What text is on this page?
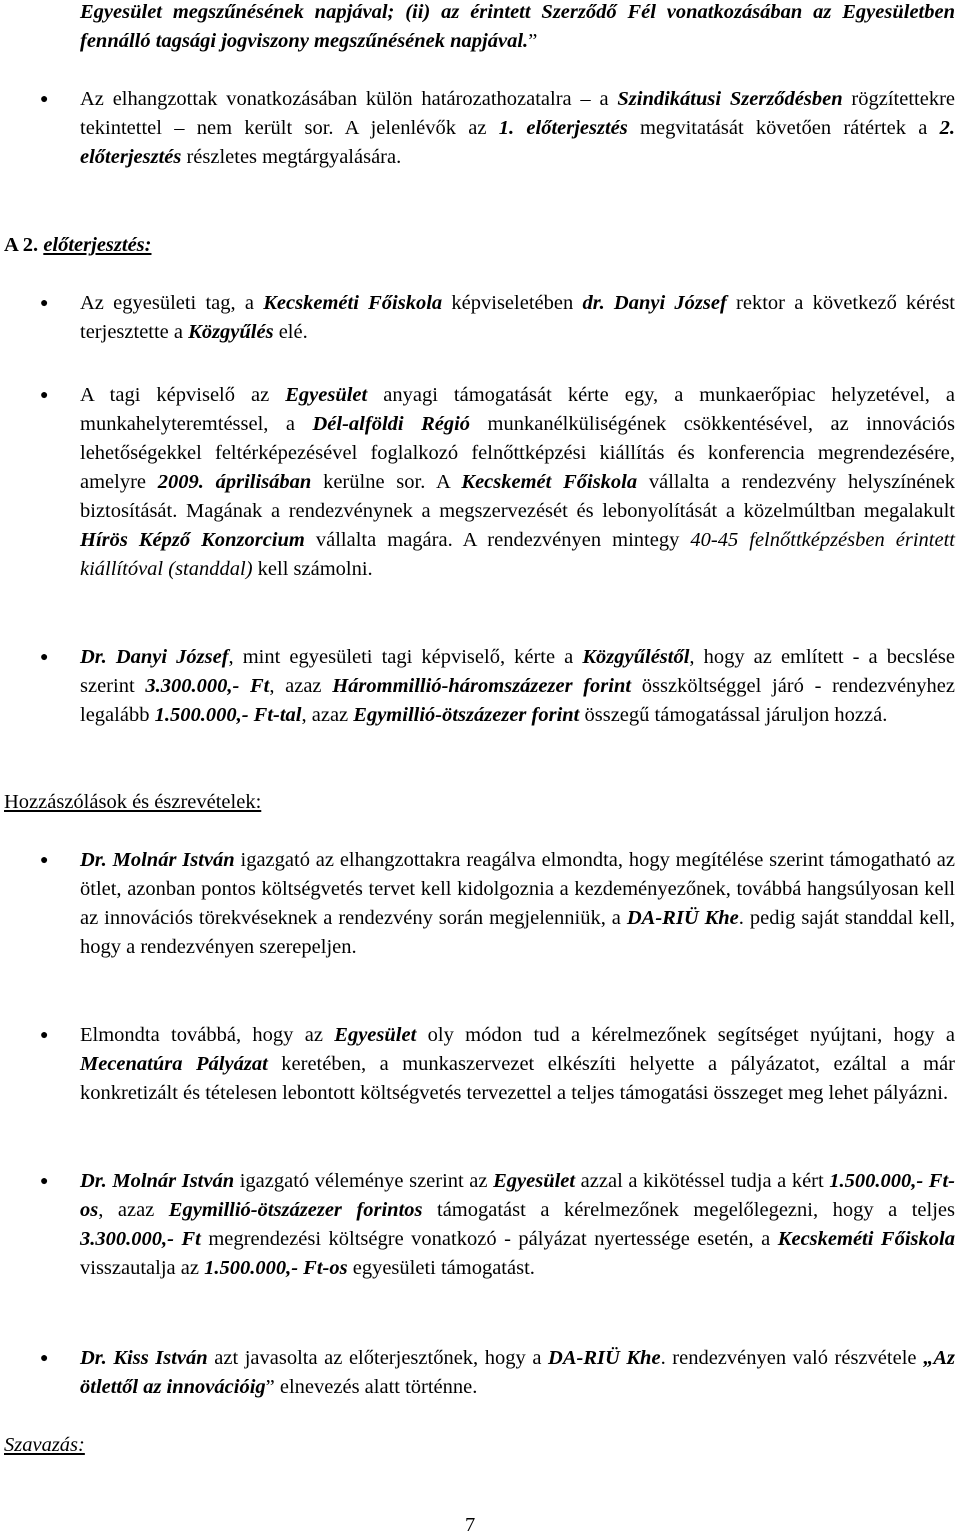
Egyesület megszűnésének napjával; (ii) az érintett Szerződő Fél vonatkozásában az Egyesületben fennálló tagsági jogviszony megszűnésének napjával.”
● Az elhangzottak vonatkozásában külön határozathozatalra – a Szindikátusi Szerződésben rögzítettekre tekintettel – nem került sor. A jelenlévők az 1. előterjesztés megvitatását követően rátértek a 2. előterjesztés részletes megtárgyalására.
A 2. előterjesztés:
● Az egyesületi tag, a Kecskeméti Főiskola képviseletében dr. Danyi József rektor a következő kérést terjesztette a Közgyűlés elé.
● A tagi képviselő az Egyesület anyagi támogatását kérte egy, a munkaerőpiac helyzetével, a munkahelyteremtéssel, a Dél-alföldi Régió munkanélküliségének csökkentésével, az innovációs lehetőségekkel feltérképezésével foglalkozó felnőttképzési kiállítás és konferencia megrendezésére, amelyre 2009. áprilisában kerülne sor. A Kecskemét Főiskola vállalta a rendezvény helyszínének biztosítását. Magának a rendezvénynek a megszervezését és lebonyolítását a közelmúltban megalakult Hírös Képző Konzorcium vállalta magára. A rendezvényen mintegy 40-45 felnőttképzésben érintett kiállítóval (standdal) kell számolni.
● Dr. Danyi József, mint egyesületi tagi képviselő, kérte a Közgyűléstől, hogy az említett - a becslése szerint 3.300.000,- Ft, azaz Hárommillió-háromszázezer forint összköltséggel járó - rendezvényhez legalább 1.500.000,- Ft-tal, azaz Egymillió-ötszázezer forint összegű támogatással járuljon hozzá.
Hozzászólások és észrevételek:
● Dr. Molnár István igazgató az elhangzottakra reagálva elmondta, hogy megítélése szerint támogatható az ötlet, azonban pontos költségvetés tervet kell kidolgoznia a kezdeményezőnek, továbbá hangsúlyosan kell az innovációs törekvéseknek a rendezvény során megjelenniük, a DA-RIÜ Khe. pedig saját standdal kell, hogy a rendezvényen szerepeljen.
● Elmondta továbbá, hogy az Egyesület oly módon tud a kérelmezőnek segítséget nyújtani, hogy a Mecenatúra Pályázat keretében, a munkaszervezet elkészíti helyette a pályázatot, ezáltal a már konkretizált és tételesen lebontott költségvetés tervezettel a teljes támogatási összeget meg lehet pályázni.
● Dr. Molnár István igazgató véleménye szerint az Egyesület azzal a kikötéssel tudja a kért 1.500.000,- Ft-os, azaz Egymillió-ötszázezer forintos támogatást a kérelmezőnek megelőlegezni, hogy a teljes 3.300.000,- Ft megrendezési költségre vonatkozó - pályázat nyertessége esetén, a Kecskeméti Főiskola visszautalja az 1.500.000,- Ft-os egyesületi támogatást.
● Dr. Kiss István azt javasolta az előterjesztőnek, hogy a DA-RIÜ Khe. rendezvényen való részvétele „Az ötlettől az innovációig” elnevezés alatt történne.
Szavazás:
7
